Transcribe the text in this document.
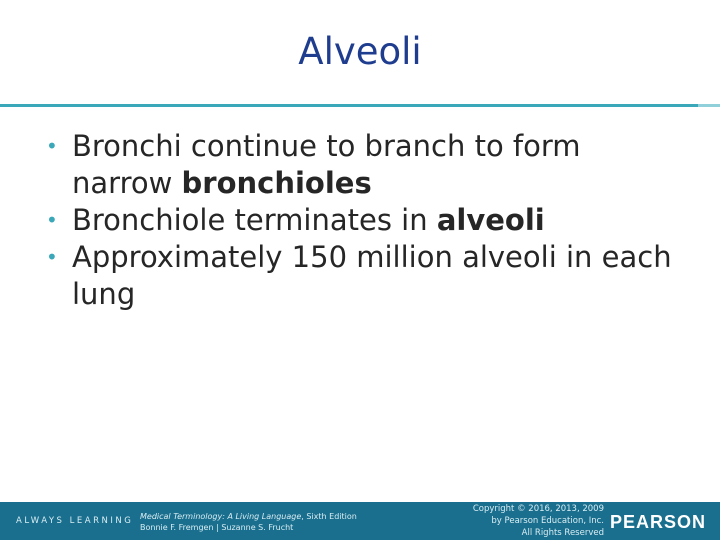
Alveoli
• Bronchi continue to branch to form narrow bronchioles
• Bronchiole terminates in alveoli
• Approximately 150 million alveoli in each lung
ALWAYS LEARNING Medical Terminology: A Living Language, Sixth Edition
Bonnie F. Fremgen | Suzanne S. Frucht
Copyright © 2016, 2013, 2009
by Pearson Education, Inc.
All Rights Reserved
PEARSON
